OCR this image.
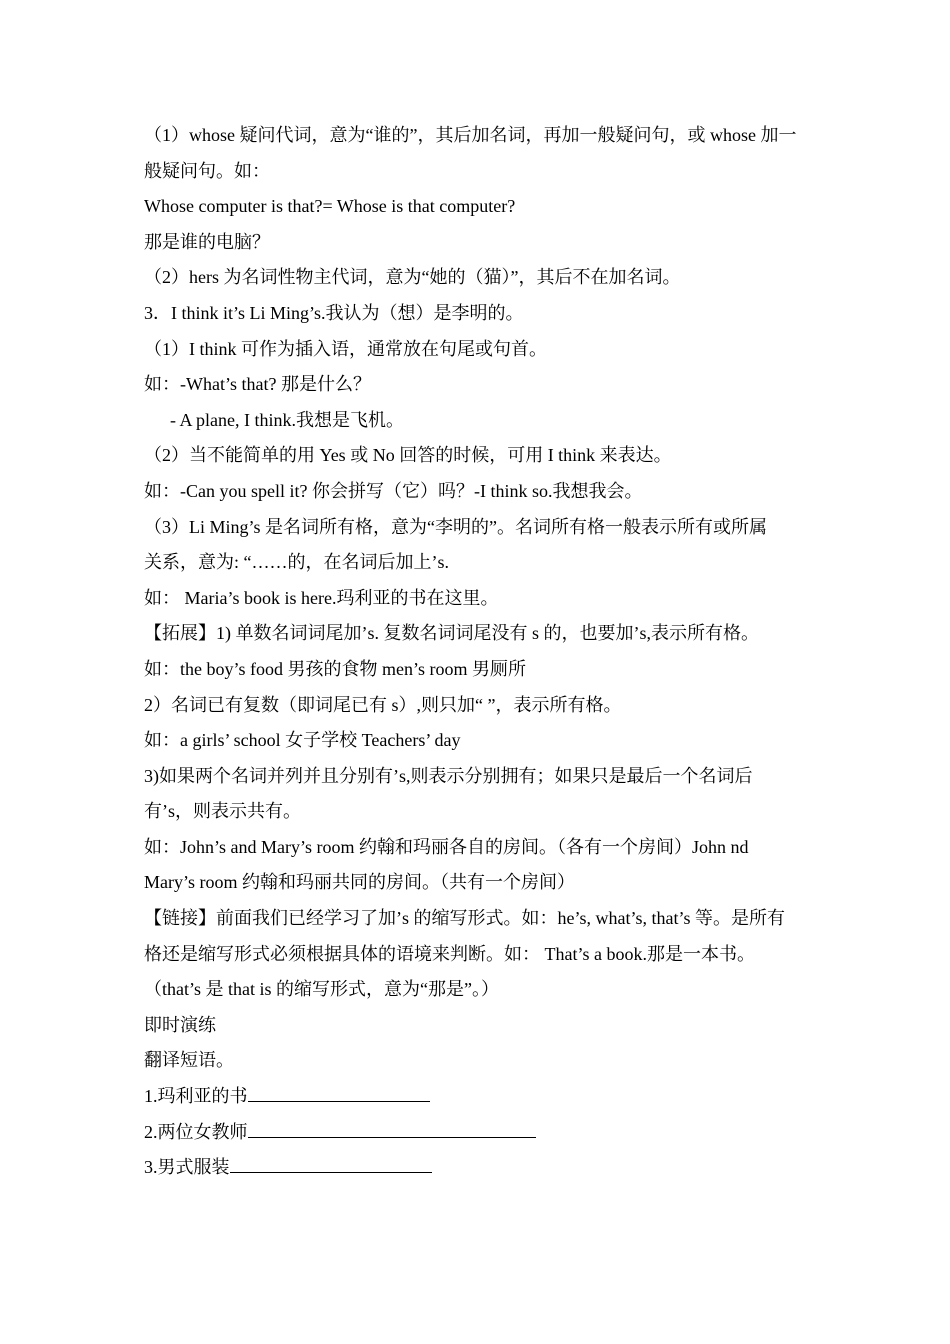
（1）whose 疑问代词，意为“谁的”，其后加名词，再加一般疑问句，或 whose 加一

般疑问句。如：

Whose computer is that?= Whose is that computer?

那是谁的电脑？

（2）hers 为名词性物主代词，意为“她的（猫）”，其后不在加名词。

3．I think it’s Li Ming’s.我认为（想）是李明的。

（1）I think 可作为插入语，通常放在句尾或句首。

如：-What’s that? 那是什么？

- A plane, I think.我想是飞机。

（2）当不能简单的用 Yes 或 No 回答的时候，可用 I think 来表达。

如：-Can you spell it? 你会拼写（它）吗？-I think so.我想我会。

（3）Li Ming’s 是名词所有格，意为“李明的”。名词所有格一般表示所有或所属

关系，意为: “……的，在名词后加上’s.

如： Maria’s book is here.玛利亚的书在这里。

【拓展】1) 单数名词词尾加’s. 复数名词词尾没有 s 的，也要加’s,表示所有格。

如：the boy’s food 男孩的食物 men’s room 男厕所

2）名词已有复数（即词尾已有 s）,则只加“ ”，表示所有格。

如：a girls’ school 女子学校 Teachers’ day

3)如果两个名词并列并且分别有’s,则表示分别拥有；如果只是最后一个名词后

有’s，则表示共有。

如：John’s and Mary’s room 约翰和玛丽各自的房间。（各有一个房间）John nd

Mary’s room 约翰和玛丽共同的房间。（共有一个房间）

【链接】前面我们已经学习了加’s 的缩写形式。如：he’s, what’s, that’s 等。是所有

格还是缩写形式必须根据具体的语境来判断。如： That’s a book.那是一本书。

（that’s 是 that is 的缩写形式，意为“那是”。）

即时演练

翻译短语。

1.玛利亚的书

2.两位女教师

3.男式服装
